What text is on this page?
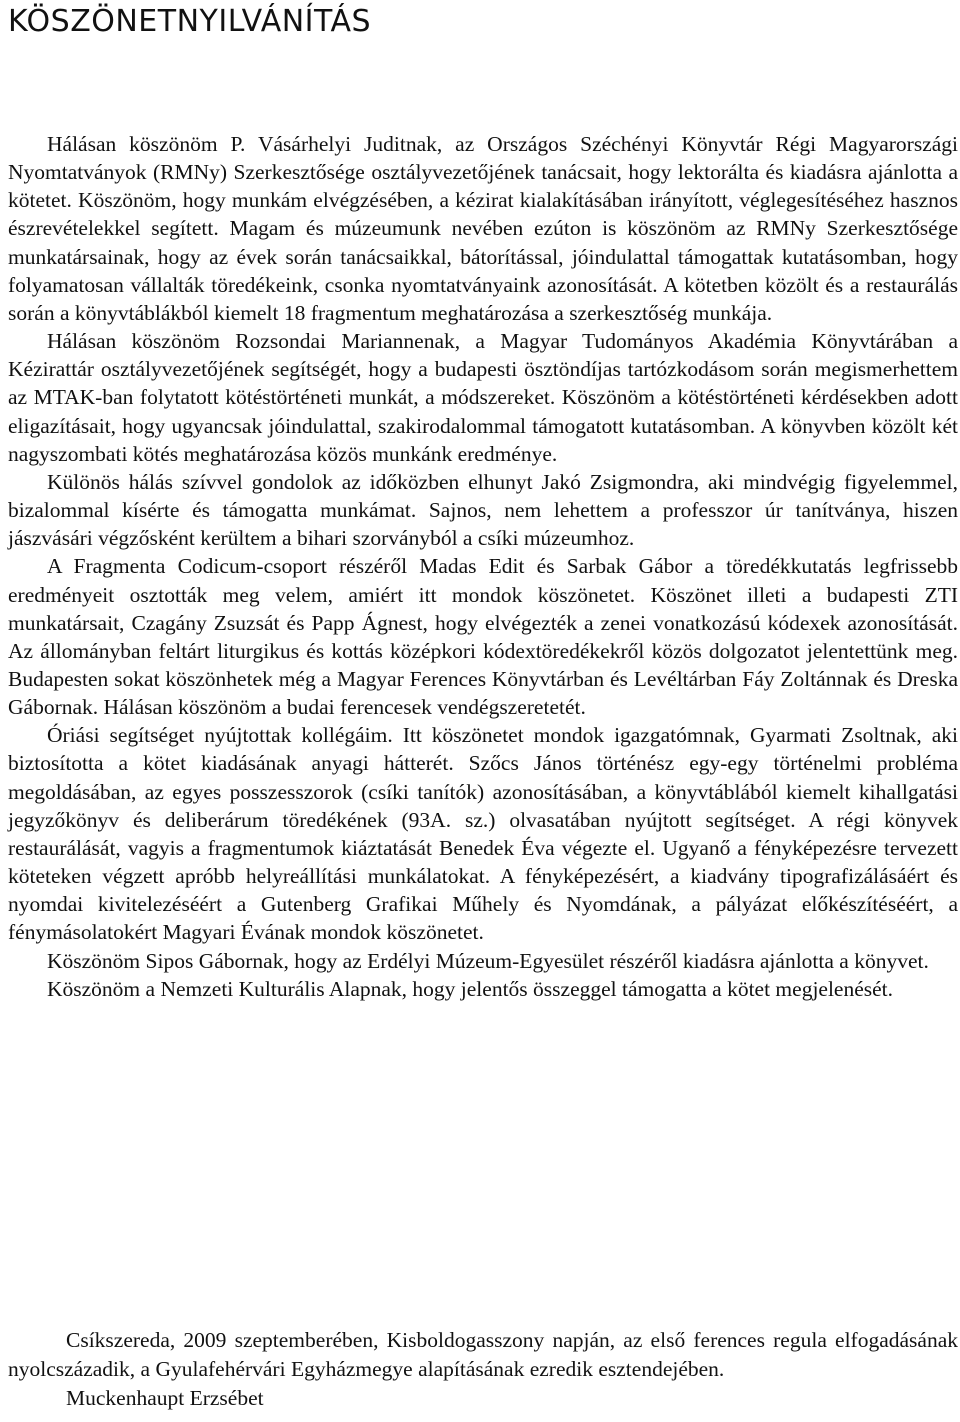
KÖSZÖNETNYILVÁNÍTÁS

Hálásan köszönöm P. Vásárhelyi Juditnak, az Országos Széchényi Könyvtár Régi Magyarországi Nyomtatványok (RMNy) Szerkesztősége osztályvezetőjének tanácsait, hogy lektorálta és kiadásra ajánlotta a kötetet. Köszönöm, hogy munkám elvégzésében, a kézirat kialakításában irányított, véglegesítéséhez hasznos észrevételekkel segített. Magam és múzeumunk nevében ezúton is köszönöm az RMNy Szerkesztősége munkatársainak, hogy az évek során tanácsaikkal, bátorítással, jóindulattal támogattak kutatásomban, hogy folyamatosan vállalták töredékeink, csonka nyomtatványaink azonosítását. A kötetben közölt és a restaurálás során a könyvtáblákból kiemelt 18 fragmentum meghatározása a szerkesztőség munkája.

Hálásan köszönöm Rozsondai Mariannenak, a Magyar Tudományos Akadémia Könyvtárában a Kézirattár osztályvezetőjének segítségét, hogy a budapesti ösztöndíjas tartózkodásom során megismerhettem az MTAK-ban folytatott kötéstörténeti munkát, a módszereket. Köszönöm a kötéstörténeti kérdésekben adott eligazításait, hogy ugyancsak jóindulattal, szakirodalommal támogatott kutatásomban. A könyvben közölt két nagyszombati kötés meghatározása közös munkánk eredménye.

Különös hálás szívvel gondolok az időközben elhunyt Jakó Zsigmondra, aki mindvégig figyelemmel, bizalommal kísérte és támogatta munkámat. Sajnos, nem lehettem a professzor úr tanítványa, hiszen jászvásári végzősként kerültem a bihari szorványból a csíki múzeumhoz.

A Fragmenta Codicum-csoport részéről Madas Edit és Sarbak Gábor a töredékkutatás legfrissebb eredményeit osztották meg velem, amiért itt mondok köszönetet. Köszönet illeti a budapesti ZTI munkatársait, Czagány Zsuzsát és Papp Ágnest, hogy elvégezték a zenei vonatkozású kódexek azonosítását. Az állományban feltárt liturgikus és kottás középkori kódextöredékekről közös dolgozatot jelentettünk meg. Budapesten sokat köszönhetek még a Magyar Ferences Könyvtárban és Levéltárban Fáy Zoltánnak és Dreska Gábornak. Hálásan köszönöm a budai ferencesek vendégszeretetét.

Óriási segítséget nyújtottak kollégáim. Itt köszönetet mondok igazgatómnak, Gyarmati Zsoltnak, aki biztosította a kötet kiadásának anyagi hátterét. Szőcs János történész egy-egy történelmi probléma megoldásában, az egyes posszesszorok (csíki tanítók) azonosításában, a könyvtáblából kiemelt kihallgatási jegyzőkönyv és deliberárum töredékének (93A. sz.) olvasatában nyújtott segítséget. A régi könyvek restaurálását, vagyis a fragmentumok kiáztatását Benedek Éva végezte el. Ugyanő a fényképezésre tervezett köteteken végzett apróbb helyreállítási munkálatokat. A fényképezésért, a kiadvány tipografizálásáért és nyomdai kivitelezéséért a Gutenberg Grafikai Műhely és Nyomdának, a pályázat előkészítéséért, a fénymásolatokért Magyari Évának mondok köszönetet.

Köszönöm Sipos Gábornak, hogy az Erdélyi Múzeum-Egyesület részéről kiadásra ajánlotta a könyvet.

Köszönöm a Nemzeti Kulturális Alapnak, hogy jelentős összeggel támogatta a kötet megjelenését.

Csíkszereda, 2009 szeptemberében, Kisboldogasszony napján, az első ferences regula elfogadásának nyolcszázadik, a Gyulafehérvári Egyházmegye alapításának ezredik esztendejében.

Muckenhaupt Erzsébet
